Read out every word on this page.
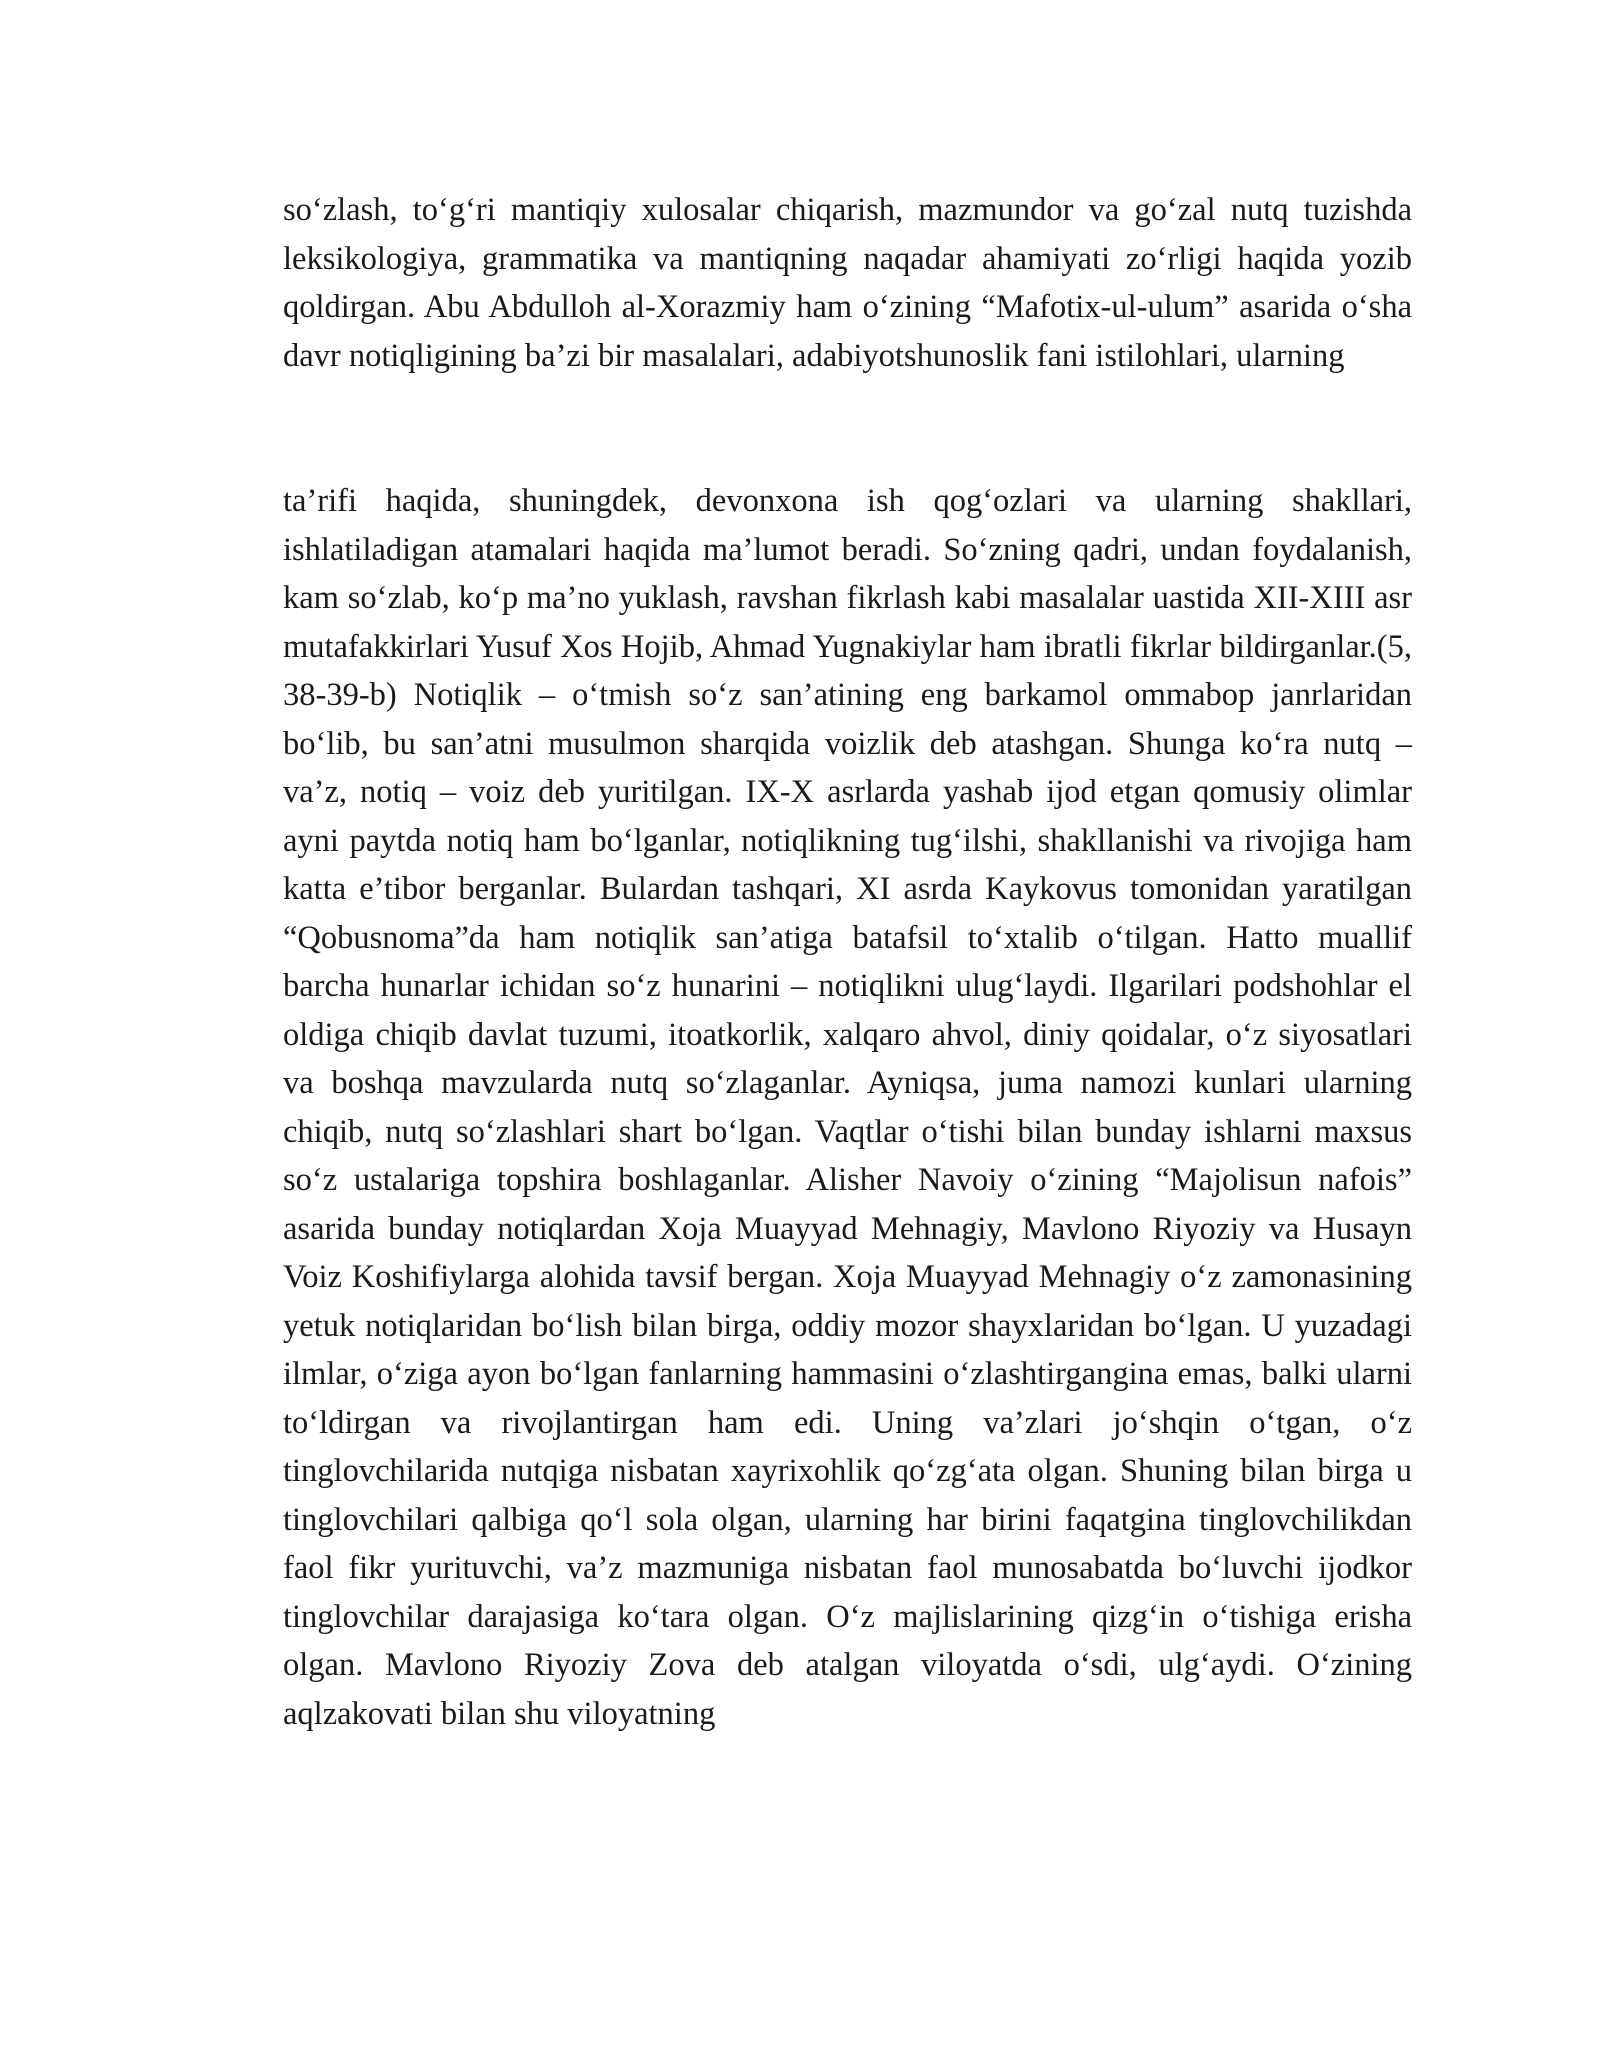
so‘zlash, to‘g‘ri mantiqiy xulosalar chiqarish, mazmundor va go‘zal nutq tuzishda leksikologiya, grammatika va mantiqning naqadar ahamiyati zo‘rligi haqida yozib qoldirgan. Abu Abdulloh al-Xorazmiy ham o‘zining “Mafotix-ul-ulum” asarida o‘sha davr notiqligining ba’zi bir masalalari, adabiyotshunoslik fani istilohlari, ularning

ta’rifi haqida, shuningdek, devonxona ish qog‘ozlari va ularning shakllari, ishlatiladigan atamalari haqida ma’lumot beradi. So‘zning qadri, undan foydalanish, kam so‘zlab, ko‘p ma’no yuklash, ravshan fikrlash kabi masalalar uastida XII-XIII asr mutafakkirlari Yusuf Xos Hojib, Ahmad Yugnakiylar ham ibratli fikrlar bildirganlar.(5, 38-39-b) Notiqlik – o‘tmish so‘z san’atining eng barkamol ommabop janrlaridan bo‘lib, bu san’atni musulmon sharqida voizlik deb atashgan. Shunga ko‘ra nutq – va’z, notiq – voiz deb yuritilgan. IX-X asrlarda yashab ijod etgan qomusiy olimlar ayni paytda notiq ham bo‘lganlar, notiqlikning tug‘ilshi, shakllanishi va rivojiga ham katta e’tibor berganlar. Bulardan tashqari, XI asrda Kaykovus tomonidan yaratilgan “Qobusnoma”da ham notiqlik san’atiga batafsil to‘xtalib o‘tilgan. Hatto muallif barcha hunarlar ichidan so‘z hunarini – notiqlikni ulug‘laydi. Ilgarilari podshohlar el oldiga chiqib davlat tuzumi, itoatkorlik, xalqaro ahvol, diniy qoidalar, o‘z siyosatlari va boshqa mavzularda nutq so‘zlaganlar. Ayniqsa, juma namozi kunlari ularning chiqib, nutq so‘zlashlari shart bo‘lgan. Vaqtlar o‘tishi bilan bunday ishlarni maxsus so‘z ustalariga topshira boshlaganlar. Alisher Navoiy o‘zining “Majolisun nafois” asarida bunday notiqlardan Xoja Muayyad Mehnagiy, Mavlono Riyoziy va Husayn Voiz Koshifiylarga alohida tavsif bergan. Xoja Muayyad Mehnagiy o‘z zamonasining yetuk notiqlaridan bo‘lish bilan birga, oddiy mozor shayxlaridan bo‘lgan. U yuzadagi ilmlar, o‘ziga ayon bo‘lgan fanlarning hammasini o‘zlashtirgangina emas, balki ularni to‘ldirgan va rivojlantirgan ham edi. Uning va’zlari jo‘shqin o‘tgan, o‘z tinglovchilarida nutqiga nisbatan xayrixohlik qo‘zg‘ata olgan. Shuning bilan birga u tinglovchilari qalbiga qo‘l sola olgan, ularning har birini faqatgina tinglovchilikdan faol fikr yurituvchi, va’z mazmuniga nisbatan faol munosabatda bo‘luvchi ijodkor tinglovchilar darajasiga ko‘tara olgan. O‘z majlislarining qizg‘in o‘tishiga erisha olgan. Mavlono Riyoziy Zova deb atalgan viloyatda o‘sdi, ulg‘aydi. O‘zining aqlzakovati bilan shu viloyatning
